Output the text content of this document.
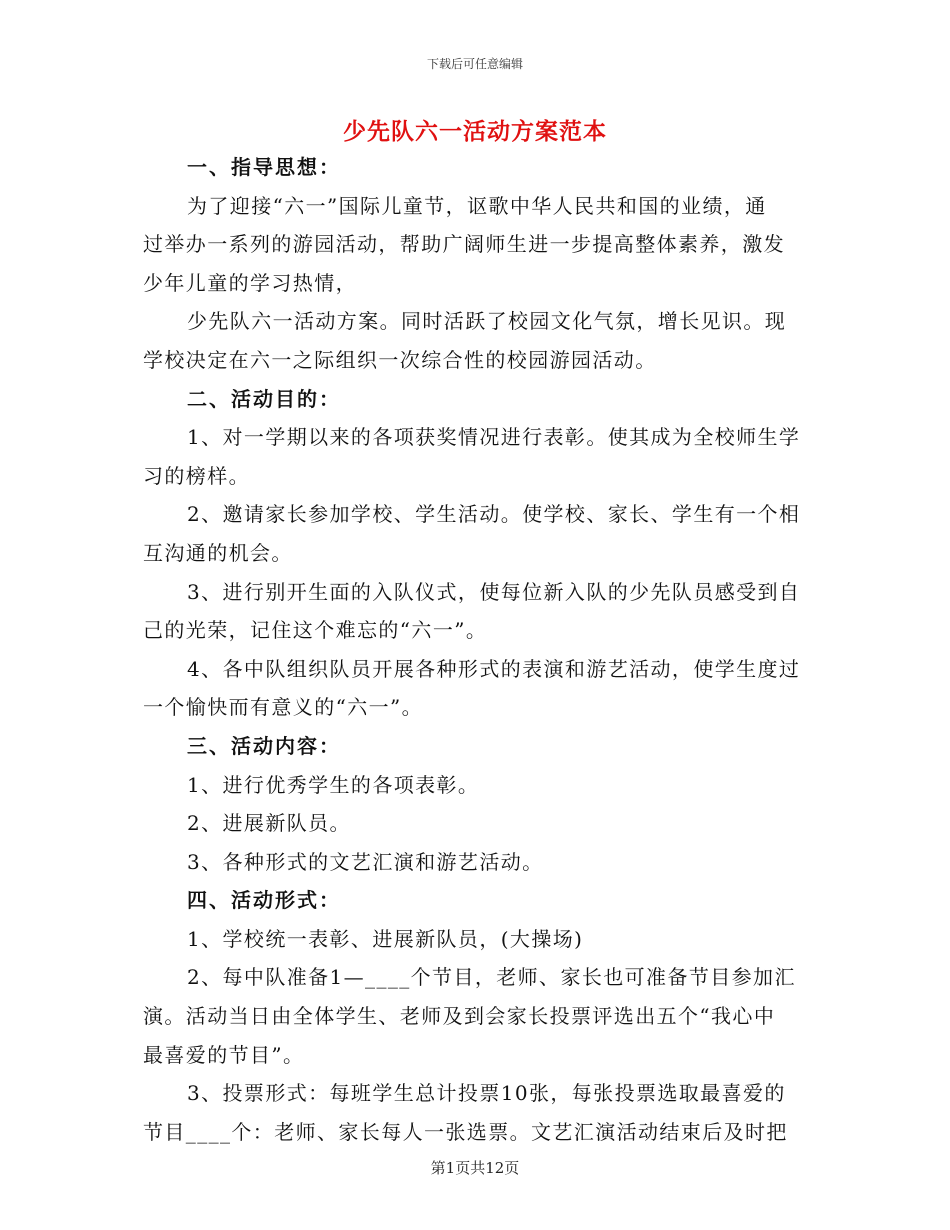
下载后可任意编辑
少先队六一活动方案范本
一、指导思想：
为了迎接“六一”国际儿童节，讴歌中华人民共和国的业绩，通
过举办一系列的游园活动，帮助广阔师生进一步提高整体素养，激发
少年儿童的学习热情，
少先队六一活动方案。同时活跃了校园文化气氛，增长见识。现
学校决定在六一之际组织一次综合性的校园游园活动。
二、活动目的：
1、对一学期以来的各项获奖情况进行表彰。使其成为全校师生学
习的榜样。
2、邀请家长参加学校、学生活动。使学校、家长、学生有一个相
互沟通的机会。
3、进行别开生面的入队仪式，使每位新入队的少先队员感受到自
己的光荣，记住这个难忘的“六一”。
4、各中队组织队员开展各种形式的表演和游艺活动，使学生度过
一个愉快而有意义的“六一”。
三、活动内容：
1、进行优秀学生的各项表彰。
2、进展新队员。
3、各种形式的文艺汇演和游艺活动。
四、活动形式：
1、学校统一表彰、进展新队员，(大操场)
2、每中队准备1—____个节目，老师、家长也可准备节目参加汇
演。活动当日由全体学生、老师及到会家长投票评选出五个“我心中
最喜爱的节目”。
3、投票形式：每班学生总计投票10张，每张投票选取最喜爱的
节目____个：老师、家长每人一张选票。文艺汇演活动结束后及时把
第1页共12页
